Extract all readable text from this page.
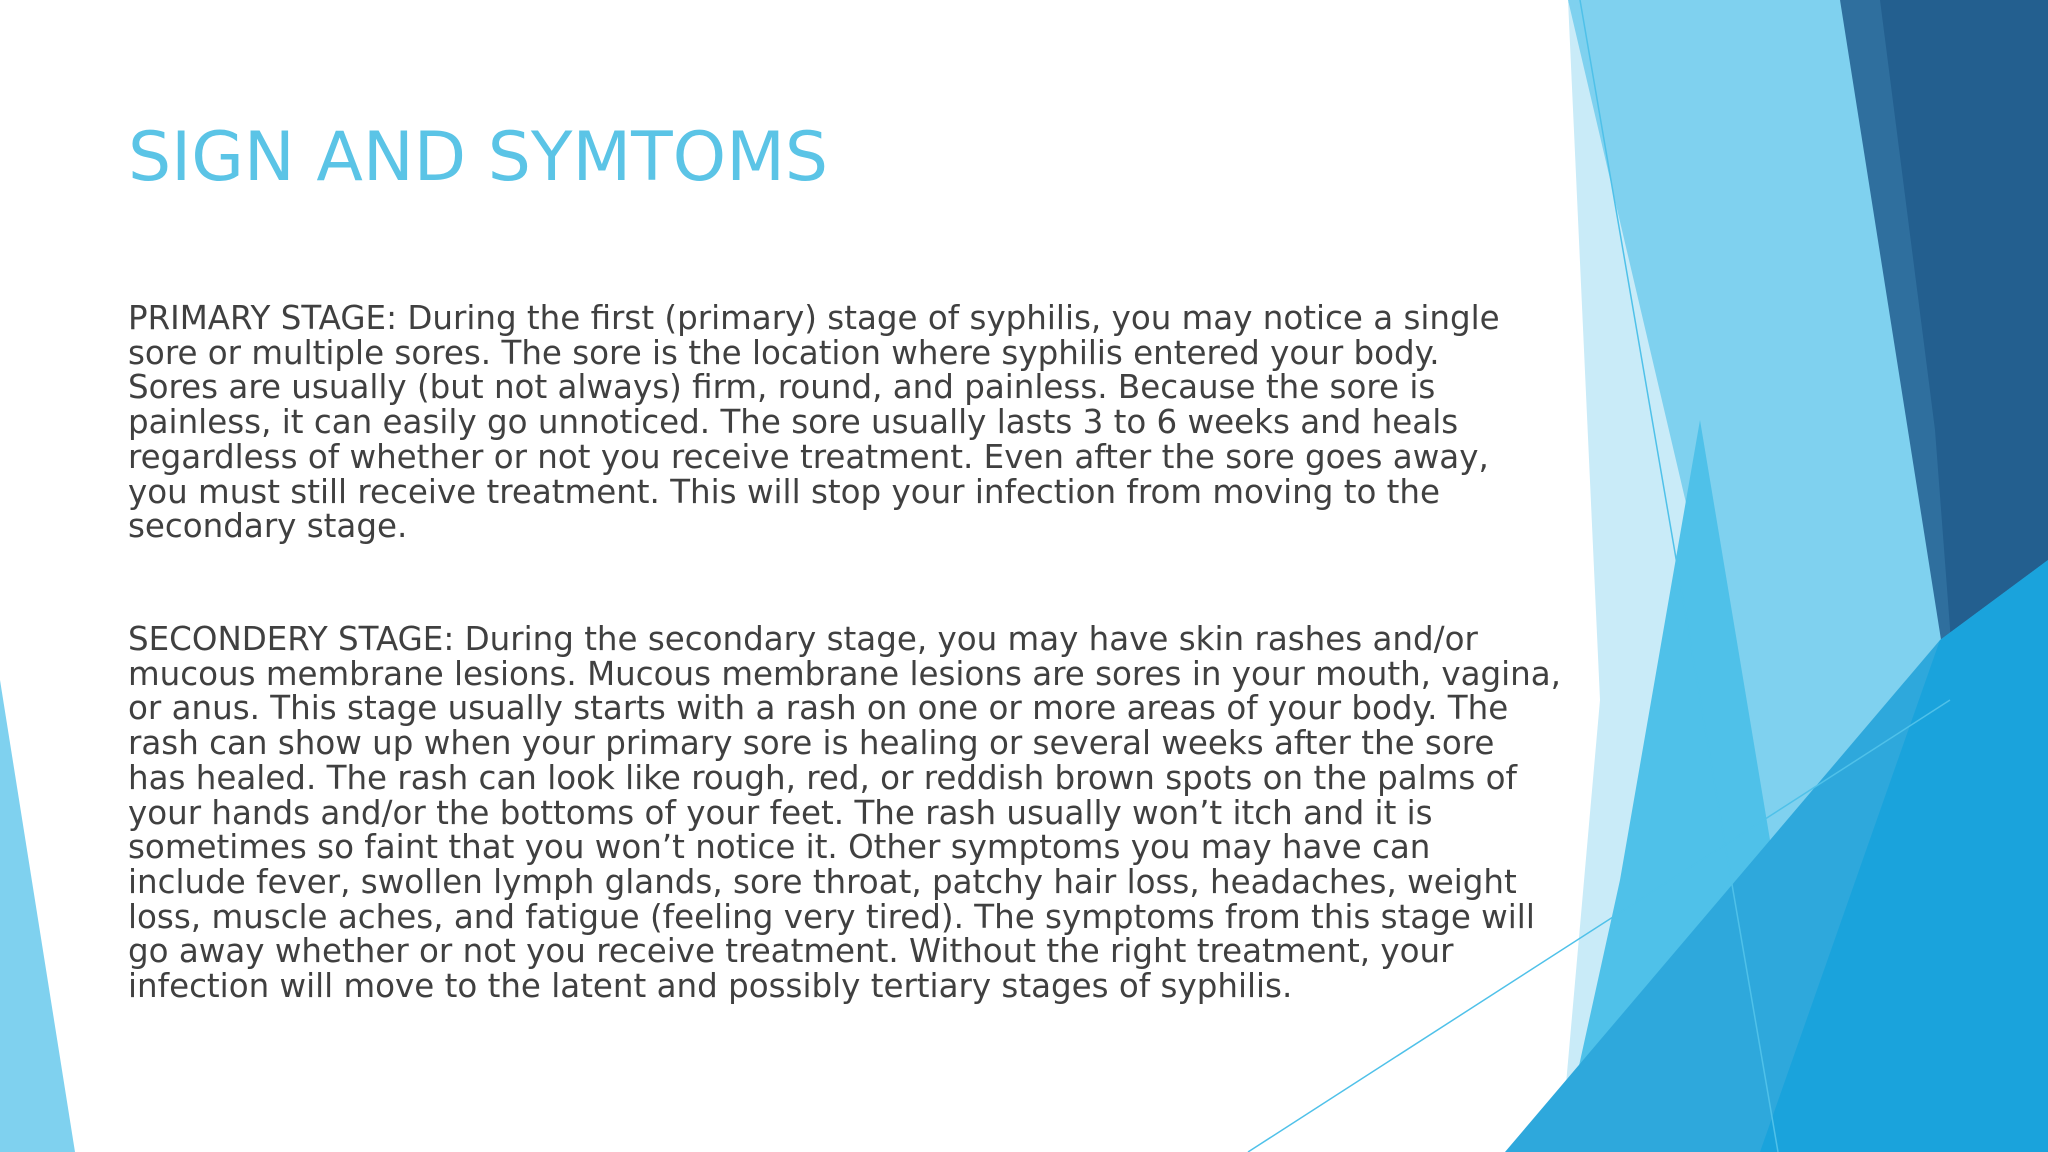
SIGN AND SYMTOMS

PRIMARY STAGE: During the first (primary) stage of syphilis, you may notice a single
sore or multiple sores. The sore is the location where syphilis entered your body.
Sores are usually (but not always) firm, round, and painless. Because the sore is
painless, it can easily go unnoticed. The sore usually lasts 3 to 6 weeks and heals
regardless of whether or not you receive treatment. Even after the sore goes away,
you must still receive treatment. This will stop your infection from moving to the
secondary stage.

SECONDERY STAGE: During the secondary stage, you may have skin rashes and/or
mucous membrane lesions. Mucous membrane lesions are sores in your mouth, vagina,
or anus. This stage usually starts with a rash on one or more areas of your body. The
rash can show up when your primary sore is healing or several weeks after the sore
has healed. The rash can look like rough, red, or reddish brown spots on the palms of
your hands and/or the bottoms of your feet. The rash usually won’t itch and it is
sometimes so faint that you won’t notice it. Other symptoms you may have can
include fever, swollen lymph glands, sore throat, patchy hair loss, headaches, weight
loss, muscle aches, and fatigue (feeling very tired). The symptoms from this stage will
go away whether or not you receive treatment. Without the right treatment, your
infection will move to the latent and possibly tertiary stages of syphilis.
